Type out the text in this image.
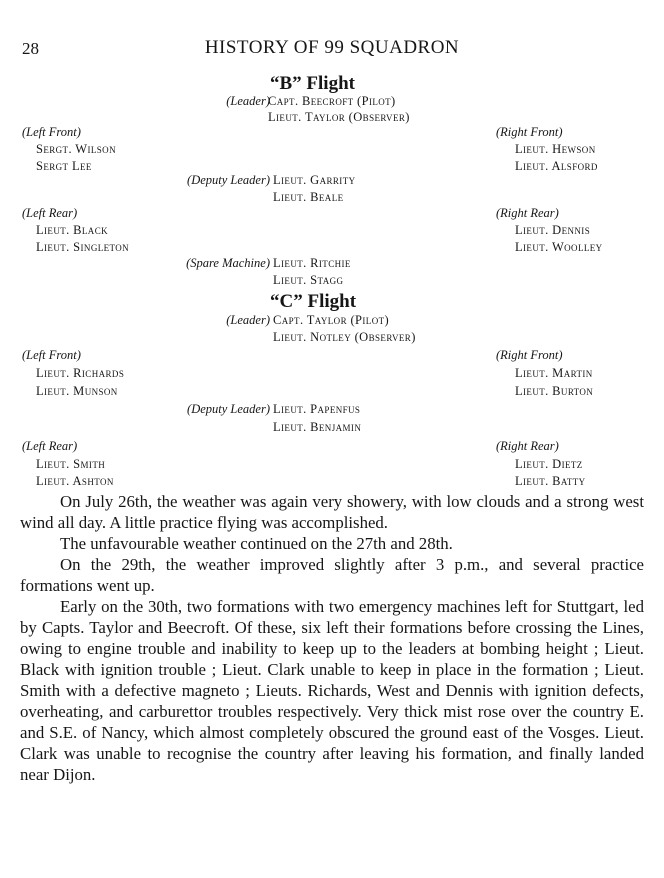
28	HISTORY OF 99 SQUADRON
“B” Flight
(Leader)
Capt. Beecroft (Pilot)
Lieut. Taylor (Observer)
(Left Front)
Sergt. Wilson
Sergt Lee
(Right Front)
Lieut. Hewson
Lieut. Alsford
(Deputy Leader) Lieut. Garrity
Lieut. Beale
(Left Rear)
Lieut. Black
Lieut. Singleton
(Right Rear)
Lieut. Dennis
Lieut. Woolley
(Spare Machine) Lieut. Ritchie
Lieut. Stagg
“C” Flight
(Leader) Capt. Taylor (Pilot)
Lieut. Notley (Observer)
(Left Front)
Lieut. Richards
Lieut. Munson
(Right Front)
Lieut. Martin
Lieut. Burton
(Deputy Leader) Lieut. Papenfus
Lieut. Benjamin
(Left Rear)
Lieut. Smith
Lieut. Ashton
(Right Rear)
Lieut. Dietz
Lieut. Batty

On July 26th, the weather was again very showery, with low clouds and a strong west wind all day. A little practice flying was accomplished.

The unfavourable weather continued on the 27th and 28th.

On the 29th, the weather improved slightly after 3 p.m., and several practice formations went up.

Early on the 30th, two formations with two emergency machines left for Stuttgart, led by Capts. Taylor and Beecroft. Of these, six left their formations before crossing the Lines, owing to engine trouble and inability to keep up to the leaders at bombing height ; Lieut. Black with ignition trouble ; Lieut. Clark unable to keep in place in the formation ; Lieut. Smith with a defective magneto ; Lieuts. Richards, West and Dennis with ignition defects, overheating, and carburettor troubles respectively. Very thick mist rose over the country E. and S.E. of Nancy, which almost completely obscured the ground east of the Vosges. Lieut. Clark was unable to recognise the country after leaving his formation, and finally landed near Dijon.
